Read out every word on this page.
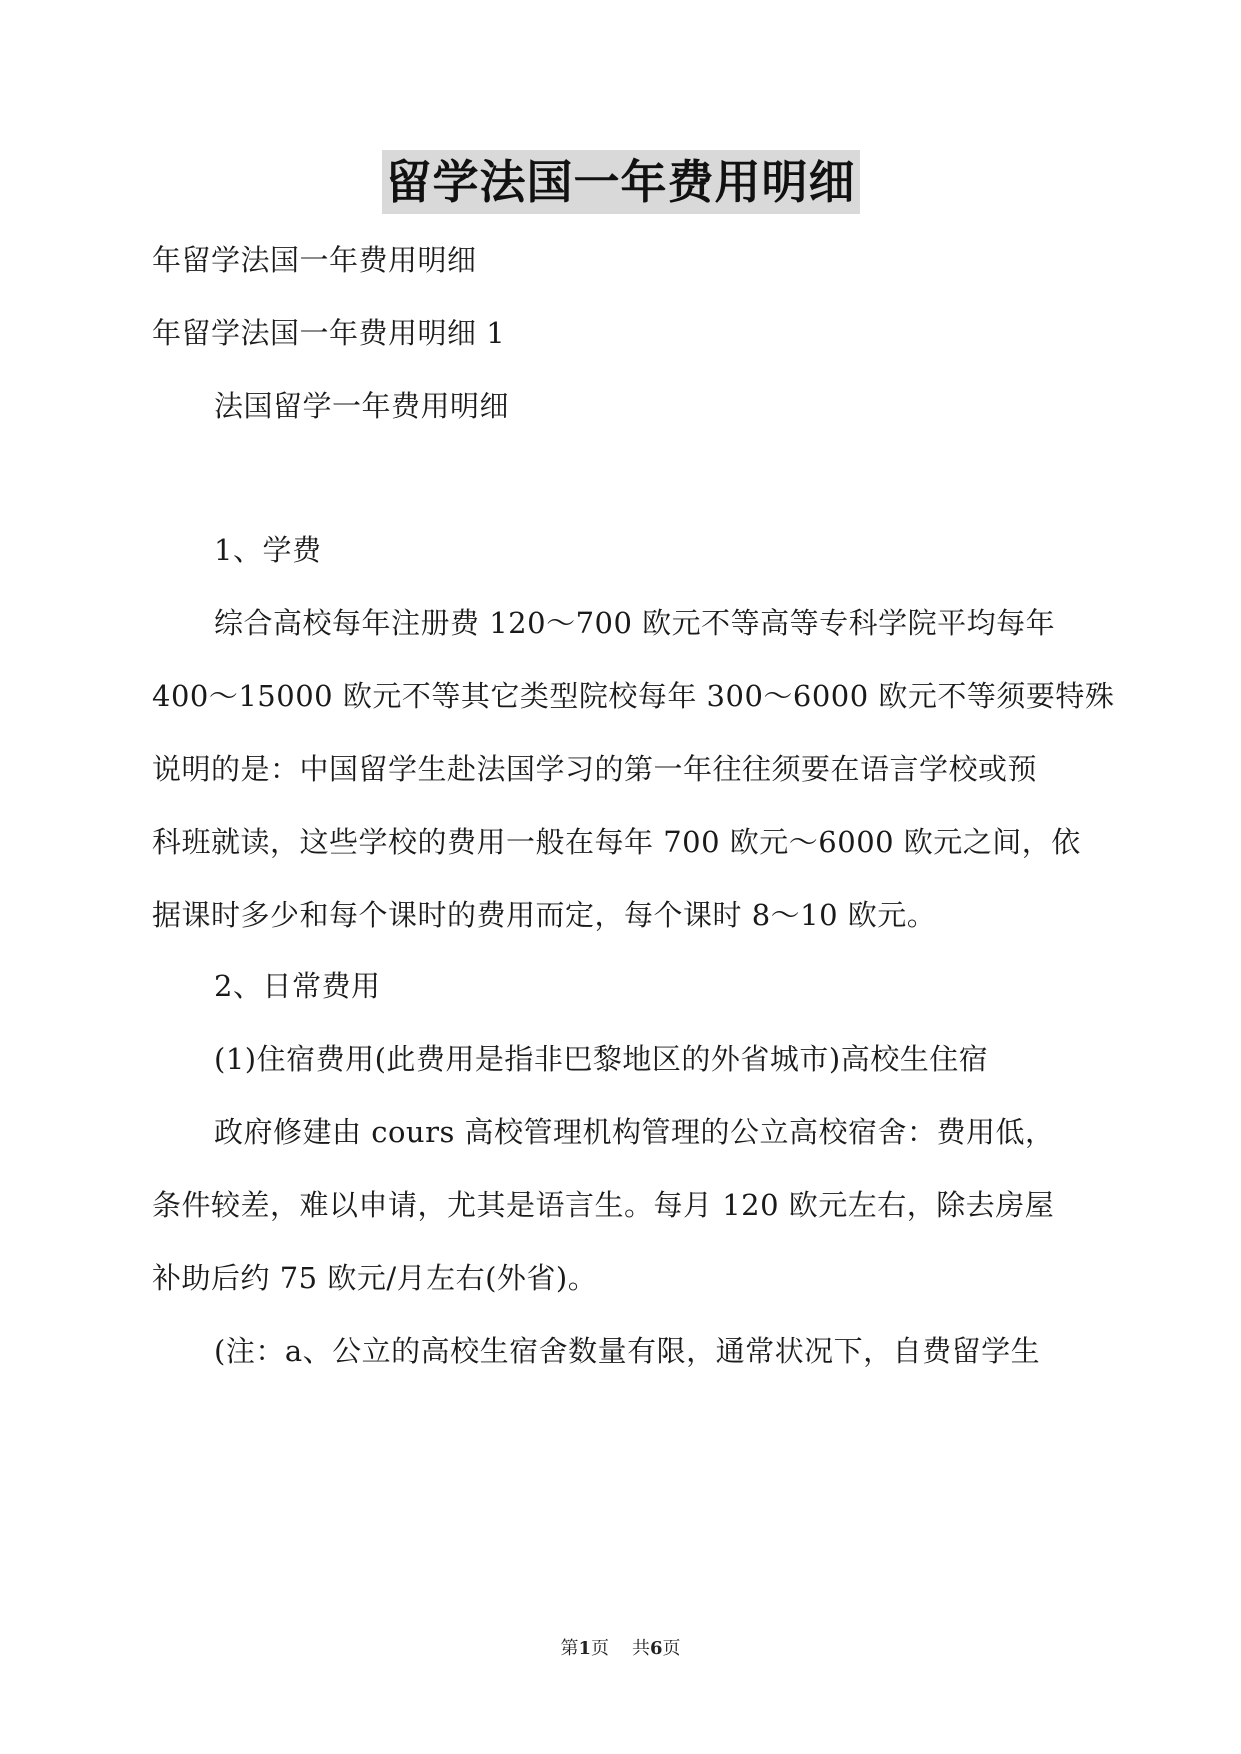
留学法国一年费用明细
年留学法国一年费用明细
年留学法国一年费用明细 1
法国留学一年费用明细
1、学费
综合高校每年注册费 120～700 欧元不等高等专科学院平均每年
400～15000 欧元不等其它类型院校每年 300～6000 欧元不等须要特殊
说明的是：中国留学生赴法国学习的第一年往往须要在语言学校或预
科班就读，这些学校的费用一般在每年 700 欧元～6000 欧元之间，依
据课时多少和每个课时的费用而定，每个课时 8～10 欧元。
2、日常费用
(1)住宿费用(此费用是指非巴黎地区的外省城市)高校生住宿
政府修建由 cours 高校管理机构管理的公立高校宿舍：费用低，
条件较差，难以申请，尤其是语言生。每月 120 欧元左右，除去房屋
补助后约 75 欧元/月左右(外省)。
(注：a、公立的高校生宿舍数量有限，通常状况下，自费留学生
第1页 共6页
